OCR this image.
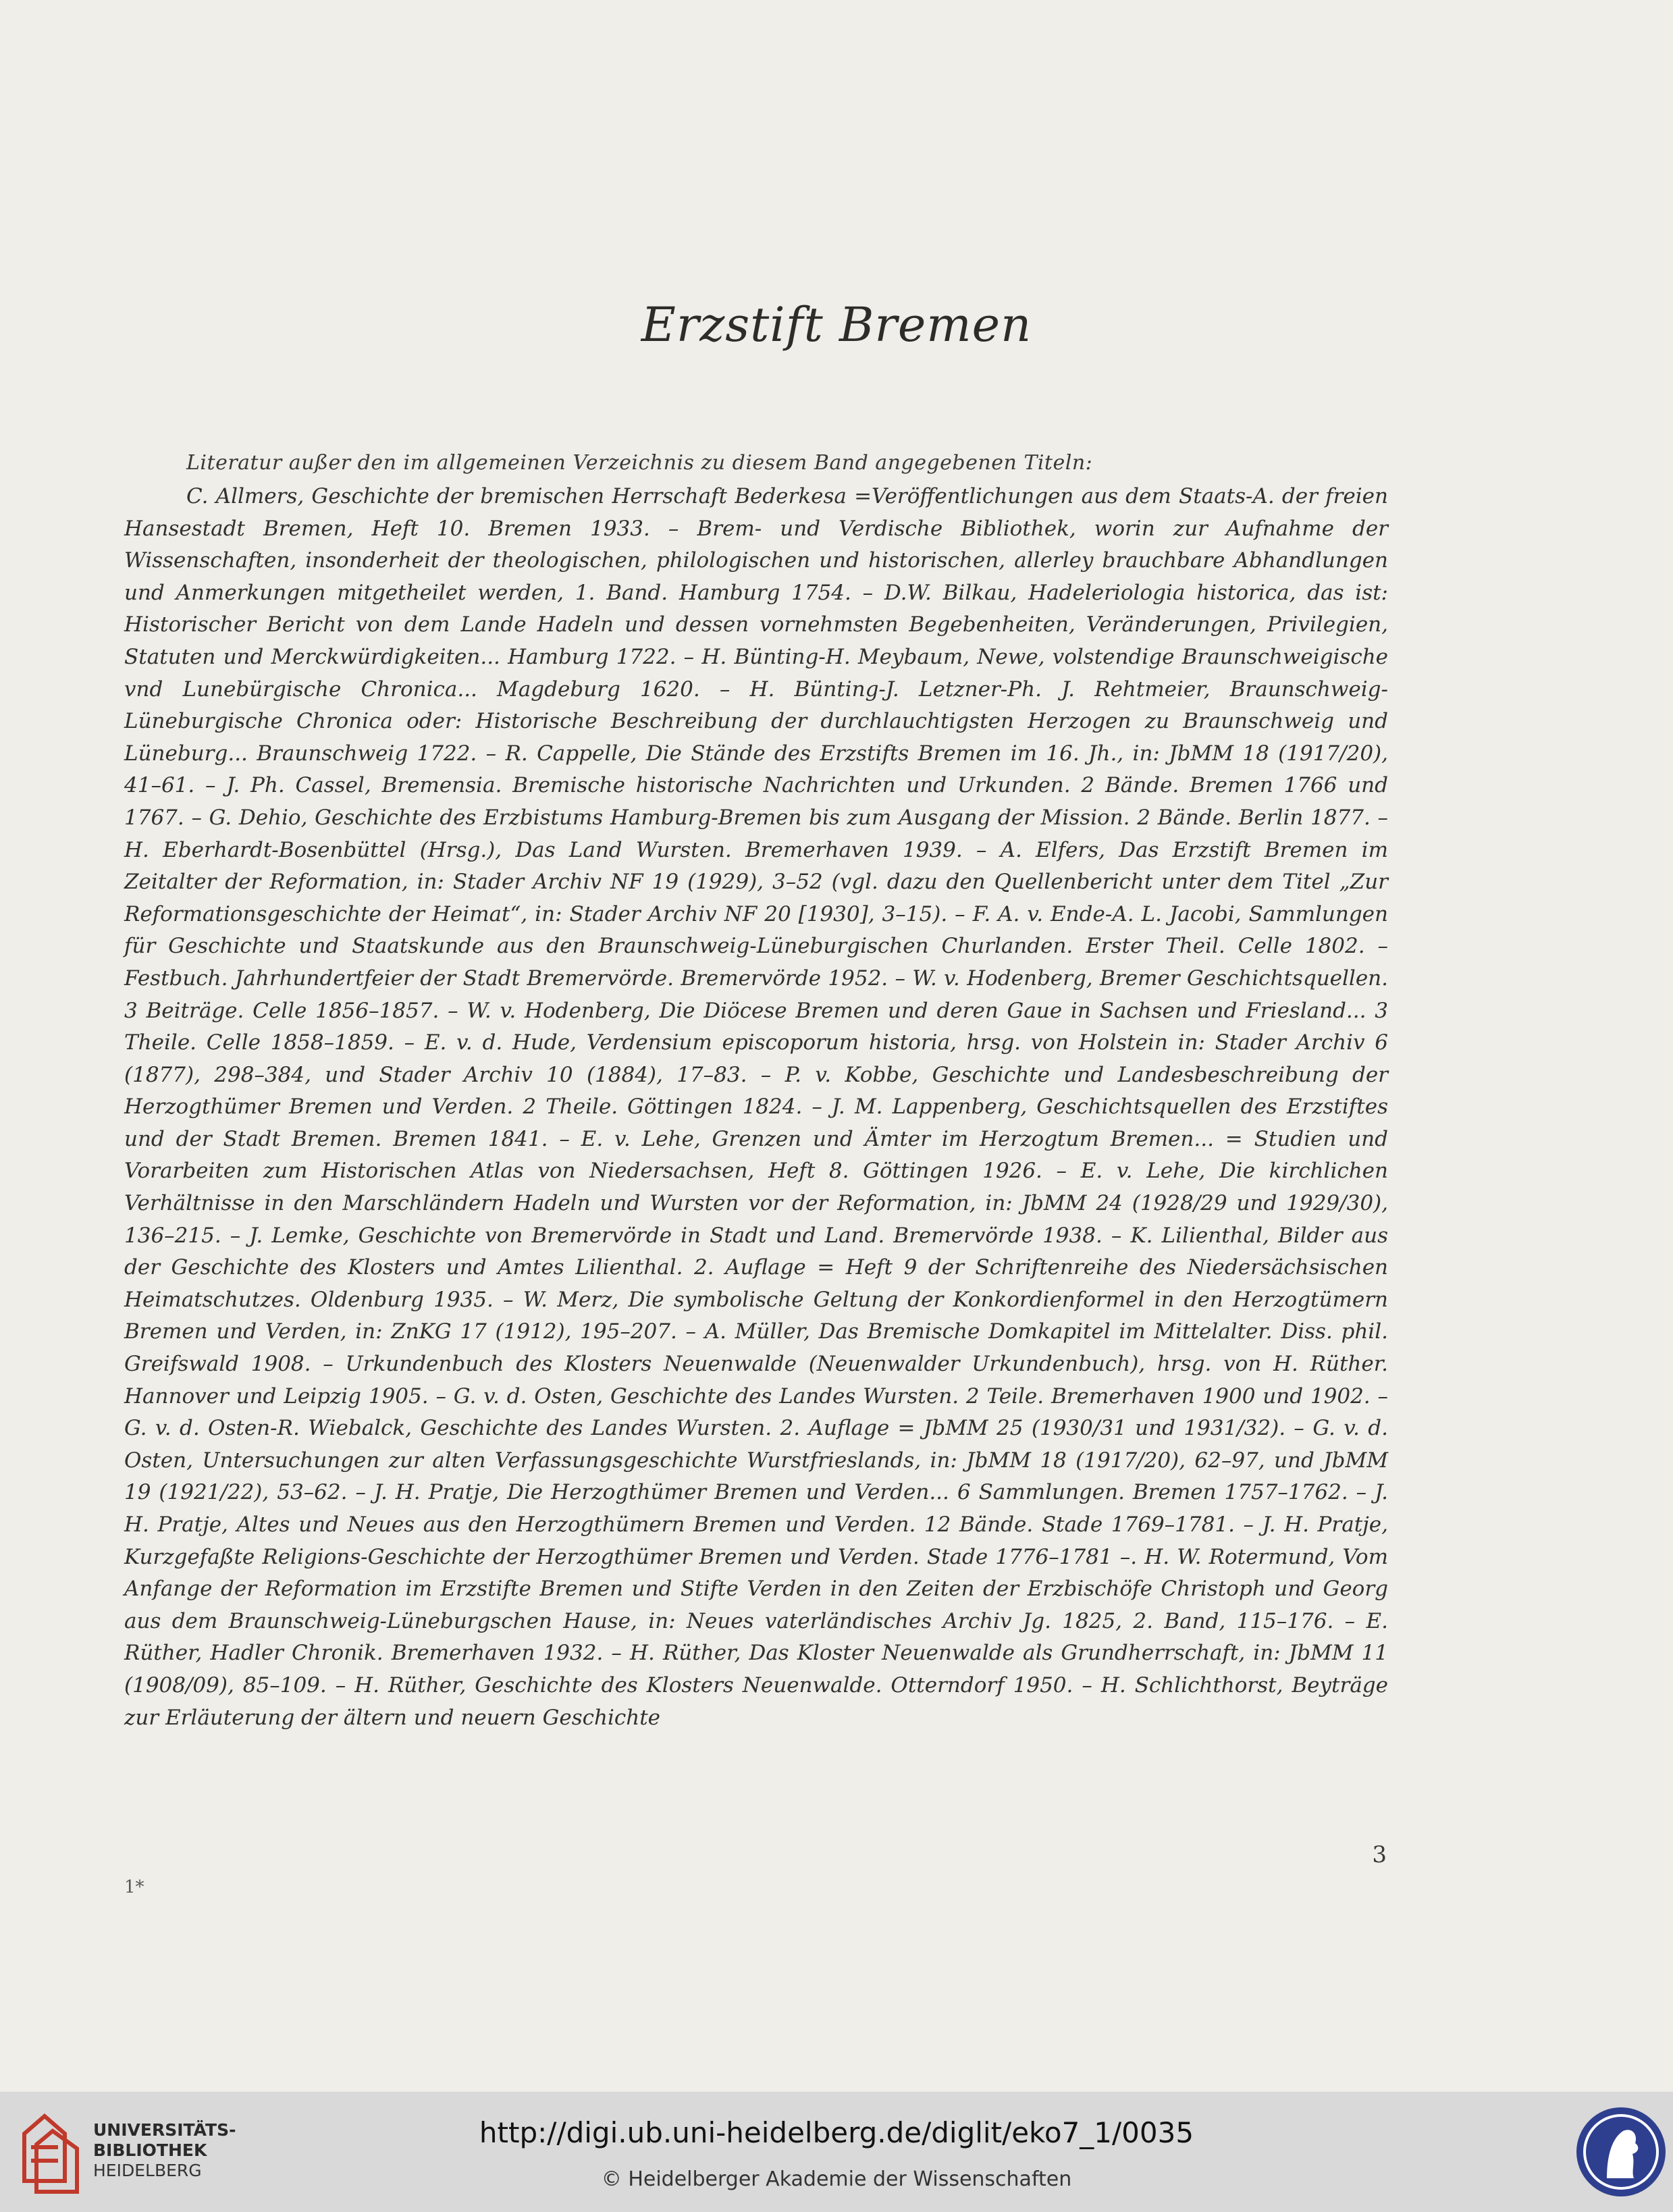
Erzstift Bremen
Literatur außer den im allgemeinen Verzeichnis zu diesem Band angegebenen Titeln:
C. Allmers, Geschichte der bremischen Herrschaft Bederkesa =Veröffentlichungen aus dem Staats-A. der freien Hansestadt Bremen, Heft 10. Bremen 1933. – Brem- und Verdische Bibliothek, worin zur Aufnahme der Wissenschaften, insonderheit der theologischen, philologischen und historischen, allerley brauchbare Abhandlungen und Anmerkungen mitgetheilet werden, 1. Band. Hamburg 1754. – D.W. Bilkau, Hadeleriologia historica, das ist: Historischer Bericht von dem Lande Hadeln und dessen vornehmsten Begebenheiten, Veränderungen, Privilegien, Statuten und Merckwürdigkeiten... Hamburg 1722. – H. Bünting-H. Meybaum, Newe, volstendige Braunschweigische vnd Lunebürgische Chronica... Magdeburg 1620. – H. Bünting-J. Letzner-Ph. J. Rehtmeier, Braunschweig-Lüneburgische Chronica oder: Historische Beschreibung der durchlauchtigsten Herzogen zu Braunschweig und Lüneburg... Braunschweig 1722. – R. Cappelle, Die Stände des Erzstifts Bremen im 16. Jh., in: JbMM 18 (1917/20), 41–61. – J. Ph. Cassel, Bremensia. Bremische historische Nachrichten und Urkunden. 2 Bände. Bremen 1766 und 1767. – G. Dehio, Geschichte des Erzbistums Hamburg-Bremen bis zum Ausgang der Mission. 2 Bände. Berlin 1877. – H. Eberhardt-Bosenbüttel (Hrsg.), Das Land Wursten. Bremerhaven 1939. – A. Elfers, Das Erzstift Bremen im Zeitalter der Reformation, in: Stader Archiv NF 19 (1929), 3–52 (vgl. dazu den Quellenbericht unter dem Titel „Zur Reformationsgeschichte der Heimat“, in: Stader Archiv NF 20 [1930], 3–15). – F. A. v. Ende-A. L. Jacobi, Sammlungen für Geschichte und Staatskunde aus den Braunschweig-Lüneburgischen Churlanden. Erster Theil. Celle 1802. – Festbuch. Jahrhundertfeier der Stadt Bremervörde. Bremervörde 1952. – W. v. Hodenberg, Bremer Geschichtsquellen. 3 Beiträge. Celle 1856–1857. – W. v. Hodenberg, Die Diöcese Bremen und deren Gaue in Sachsen und Friesland... 3 Theile. Celle 1858–1859. – E. v. d. Hude, Verdensium episcoporum historia, hrsg. von Holstein in: Stader Archiv 6 (1877), 298–384, und Stader Archiv 10 (1884), 17–83. – P. v. Kobbe, Geschichte und Landesbeschreibung der Herzogthümer Bremen und Verden. 2 Theile. Göttingen 1824. – J. M. Lappenberg, Geschichtsquellen des Erzstiftes und der Stadt Bremen. Bremen 1841. – E. v. Lehe, Grenzen und Ämter im Herzogtum Bremen... = Studien und Vorarbeiten zum Historischen Atlas von Niedersachsen, Heft 8. Göttingen 1926. – E. v. Lehe, Die kirchlichen Verhältnisse in den Marschländern Hadeln und Wursten vor der Reformation, in: JbMM 24 (1928/29 und 1929/30), 136–215. – J. Lemke, Geschichte von Bremervörde in Stadt und Land. Bremervörde 1938. – K. Lilienthal, Bilder aus der Geschichte des Klosters und Amtes Lilienthal. 2. Auflage = Heft 9 der Schriftenreihe des Niedersächsischen Heimatschutzes. Oldenburg 1935. – W. Merz, Die symbolische Geltung der Konkordienformel in den Herzogtümern Bremen und Verden, in: ZnKG 17 (1912), 195–207. – A. Müller, Das Bremische Domkapitel im Mittelalter. Diss. phil. Greifswald 1908. – Urkundenbuch des Klosters Neuenwalde (Neuenwalder Urkundenbuch), hrsg. von H. Rüther. Hannover und Leipzig 1905. – G. v. d. Osten, Geschichte des Landes Wursten. 2 Teile. Bremerhaven 1900 und 1902. – G. v. d. Osten-R. Wiebalck, Geschichte des Landes Wursten. 2. Auflage = JbMM 25 (1930/31 und 1931/32). – G. v. d. Osten, Untersuchungen zur alten Verfassungsgeschichte Wurstfrieslands, in: JbMM 18 (1917/20), 62–97, und JbMM 19 (1921/22), 53–62. – J. H. Pratje, Die Herzogthümer Bremen und Verden... 6 Sammlungen. Bremen 1757–1762. – J. H. Pratje, Altes und Neues aus den Herzogthümern Bremen und Verden. 12 Bände. Stade 1769–1781. – J. H. Pratje, Kurzgefaßte Religions-Geschichte der Herzogthümer Bremen und Verden. Stade 1776–1781 –. H. W. Rotermund, Vom Anfange der Reformation im Erzstifte Bremen und Stifte Verden in den Zeiten der Erzbischöfe Christoph und Georg aus dem Braunschweig-Lüneburgschen Hause, in: Neues vaterländisches Archiv Jg. 1825, 2. Band, 115–176. – E. Rüther, Hadler Chronik. Bremerhaven 1932. – H. Rüther, Das Kloster Neuenwalde als Grundherrschaft, in: JbMM 11 (1908/09), 85–109. – H. Rüther, Geschichte des Klosters Neuenwalde. Otterndorf 1950. – H. Schlichthorst, Beyträge zur Erläuterung der ältern und neuern Geschichte
3
1*
UNIVERSITÄTS-
BIBLIOTHEK
HEIDELBERG
http://digi.ub.uni-heidelberg.de/diglit/eko7_1/0035
© Heidelberger Akademie der Wissenschaften
